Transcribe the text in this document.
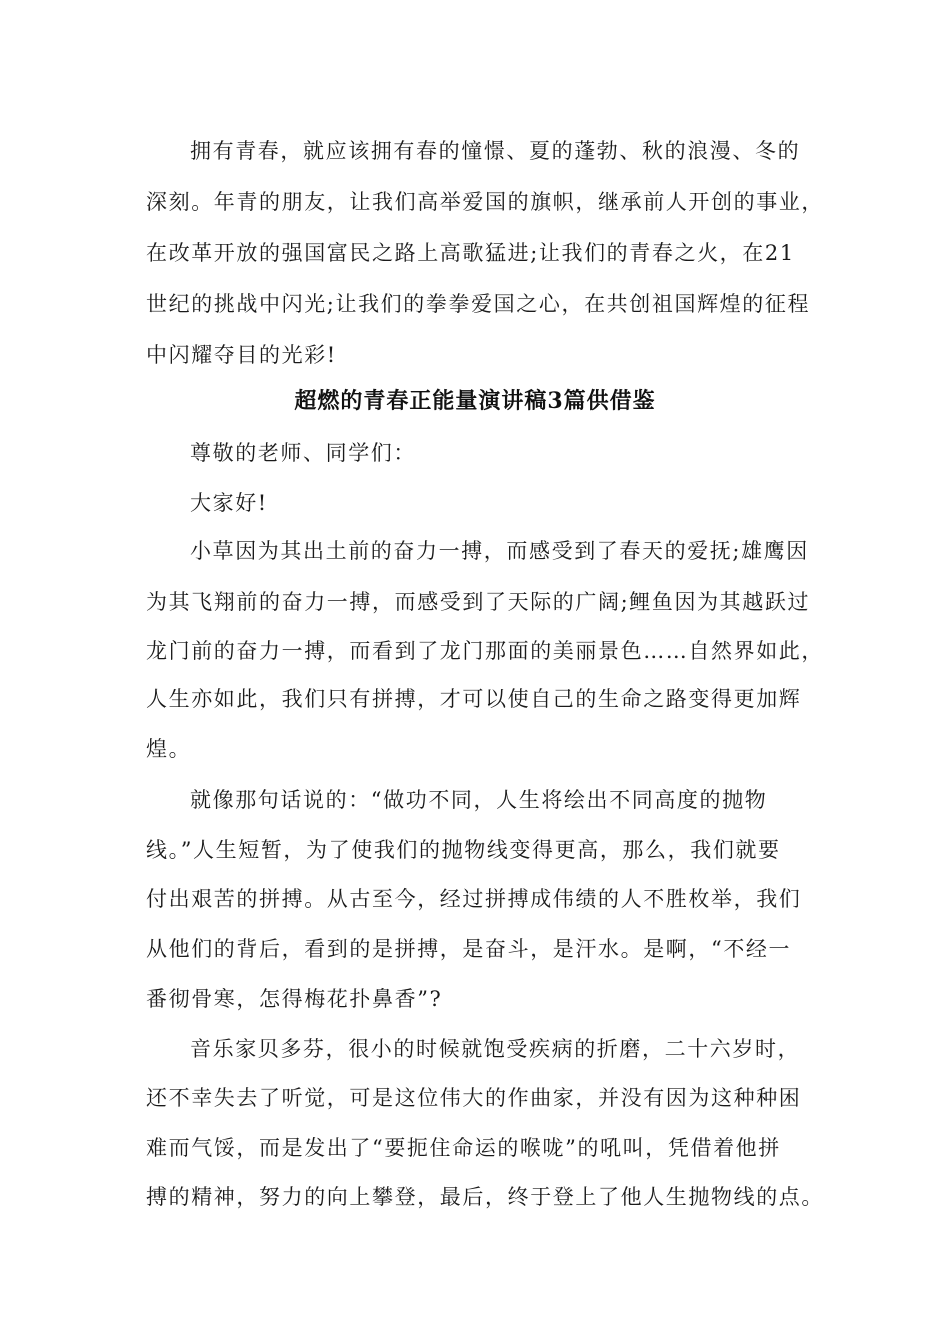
拥有青春，就应该拥有春的憧憬、夏的蓬勃、秋的浪漫、冬的
深刻。年青的朋友，让我们高举爱国的旗帜，继承前人开创的事业，
在改革开放的强国富民之路上高歌猛进;让我们的青春之火，在21
世纪的挑战中闪光;让我们的拳拳爱国之心，在共创祖国辉煌的征程
中闪耀夺目的光彩!
超燃的青春正能量演讲稿3篇供借鉴
尊敬的老师、同学们：
大家好!
小草因为其出土前的奋力一搏，而感受到了春天的爱抚;雄鹰因
为其飞翔前的奋力一搏，而感受到了天际的广阔;鲤鱼因为其越跃过
龙门前的奋力一搏，而看到了龙门那面的美丽景色……自然界如此，
人生亦如此，我们只有拼搏，才可以使自己的生命之路变得更加辉
煌。
就像那句话说的：“做功不同，人生将绘出不同高度的抛物
线。”人生短暂，为了使我们的抛物线变得更高，那么，我们就要
付出艰苦的拼搏。从古至今，经过拼搏成伟绩的人不胜枚举，我们
从他们的背后，看到的是拼搏，是奋斗，是汗水。是啊，“不经一
番彻骨寒，怎得梅花扑鼻香”?
音乐家贝多芬，很小的时候就饱受疾病的折磨，二十六岁时，
还不幸失去了听觉，可是这位伟大的作曲家，并没有因为这种种困
难而气馁，而是发出了“要扼住命运的喉咙”的吼叫，凭借着他拼
搏的精神，努力的向上攀登，最后，终于登上了他人生抛物线的点。
